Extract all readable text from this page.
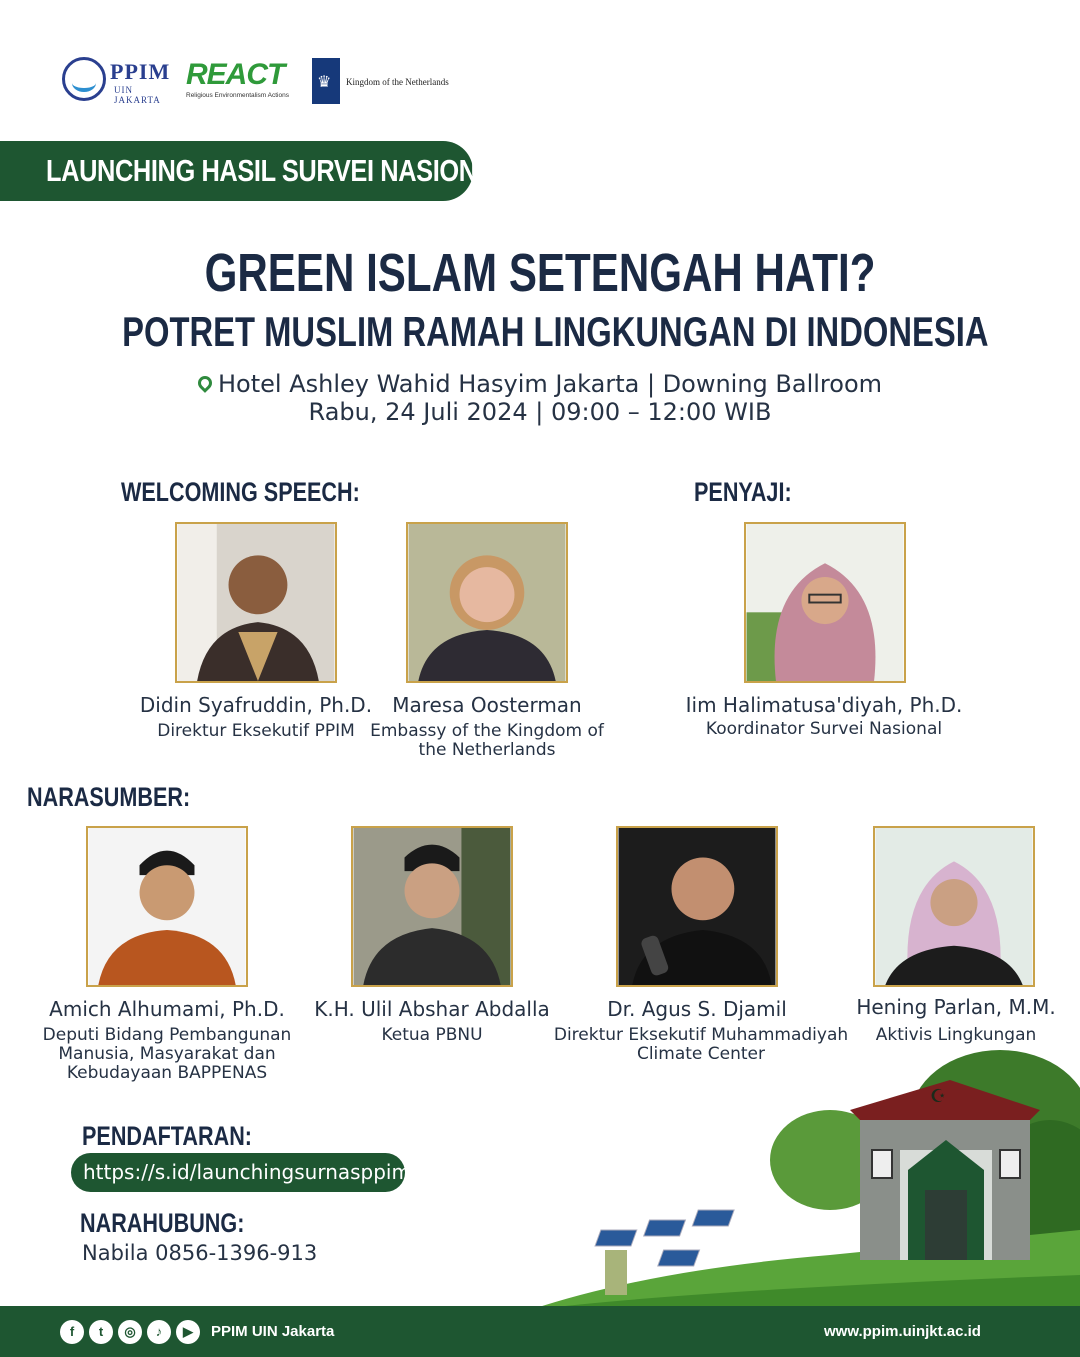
PPIM
UIN JAKARTA
REACT
Religious Environmentalism Actions
♛
Kingdom of the Netherlands
LAUNCHING HASIL SURVEI NASIONAL
GREEN ISLAM SETENGAH HATI?
POTRET MUSLIM RAMAH LINGKUNGAN DI INDONESIA
Hotel Ashley Wahid Hasyim Jakarta | Downing Ballroom
Rabu, 24 Juli 2024 | 09:00 – 12:00 WIB
WELCOMING SPEECH:	PENYAJI:
NARASUMBER:
PENDAFTARAN:
NARAHUBUNG:
Didin Syafruddin, Ph.D.
Direktur Eksekutif PPIM
Maresa Oosterman
Embassy of the Kingdom of the Netherlands
Iim Halimatusa'diyah, Ph.D.
Koordinator Survei Nasional
Amich Alhumami, Ph.D.
Deputi Bidang Pembangunan Manusia, Masyarakat dan Kebudayaan BAPPENAS
K.H. Ulil Abshar Abdalla
Ketua PBNU
Dr. Agus S. Djamil
Direktur Eksekutif Muhammadiyah Climate Center
Hening Parlan, M.M.
Aktivis Lingkungan
https://s.id/launchingsurnasppim
Nabila 0856-1396-913
☪
f	t	◎	♪	▶	PPIM UIN Jakarta	www.ppim.uinjkt.ac.id
